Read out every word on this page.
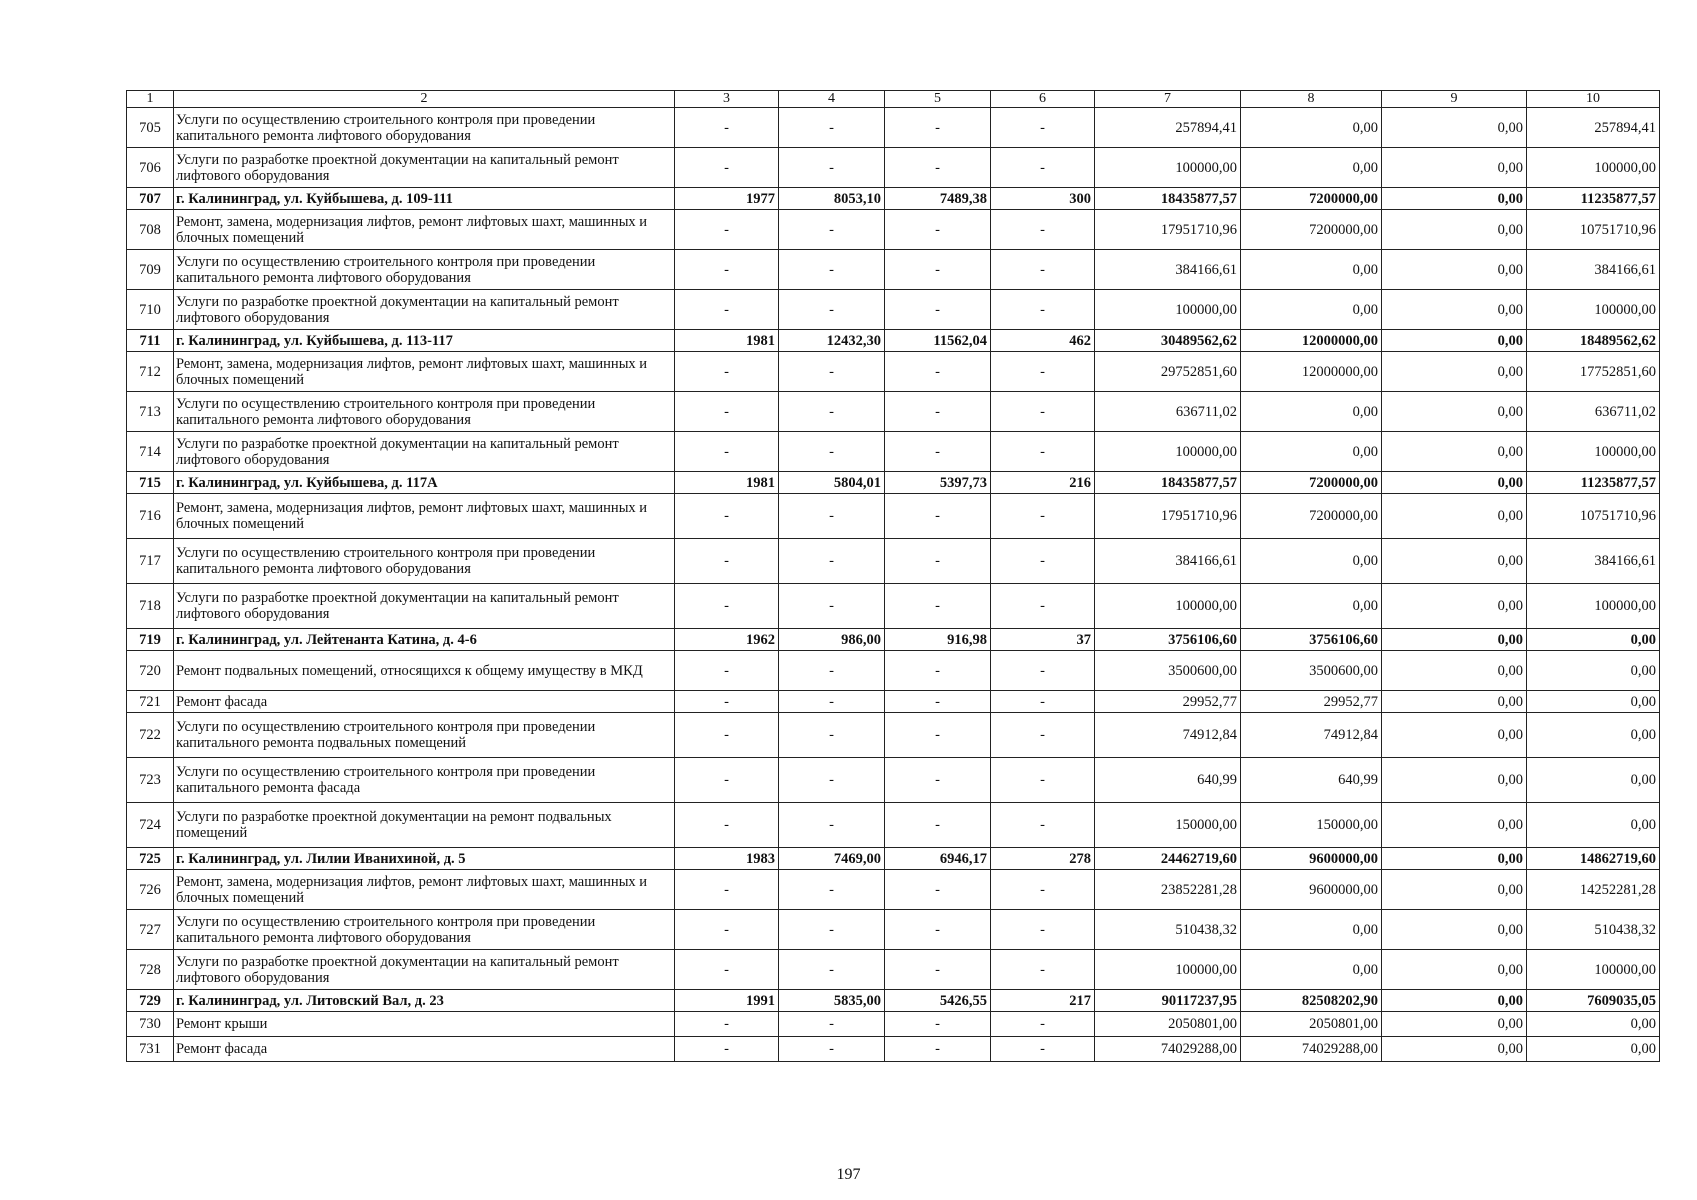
1	2	3	4	5	6	7	8	9	10
705	Услуги по осуществлению строительного контроля при проведении капитального ремонта лифтового оборудования	-	-	-	-	257894,41	0,00	0,00	257894,41
706	Услуги по разработке проектной документации на капитальный ремонт лифтового оборудования	-	-	-	-	100000,00	0,00	0,00	100000,00
707	г. Калининград, ул. Куйбышева, д. 109-111	1977	8053,10	7489,38	300	18435877,57	7200000,00	0,00	11235877,57
708	Ремонт, замена, модернизация лифтов, ремонт лифтовых шахт, машинных и блочных помещений	-	-	-	-	17951710,96	7200000,00	0,00	10751710,96
709	Услуги по осуществлению строительного контроля при проведении капитального ремонта лифтового оборудования	-	-	-	-	384166,61	0,00	0,00	384166,61
710	Услуги по разработке проектной документации на капитальный ремонт лифтового оборудования	-	-	-	-	100000,00	0,00	0,00	100000,00
711	г. Калининград, ул. Куйбышева, д. 113-117	1981	12432,30	11562,04	462	30489562,62	12000000,00	0,00	18489562,62
712	Ремонт, замена, модернизация лифтов, ремонт лифтовых шахт, машинных и блочных помещений	-	-	-	-	29752851,60	12000000,00	0,00	17752851,60
713	Услуги по осуществлению строительного контроля при проведении капитального ремонта лифтового оборудования	-	-	-	-	636711,02	0,00	0,00	636711,02
714	Услуги по разработке проектной документации на капитальный ремонт лифтового оборудования	-	-	-	-	100000,00	0,00	0,00	100000,00
715	г. Калининград, ул. Куйбышева, д. 117А	1981	5804,01	5397,73	216	18435877,57	7200000,00	0,00	11235877,57
716	Ремонт, замена, модернизация лифтов, ремонт лифтовых шахт, машинных и блочных помещений	-	-	-	-	17951710,96	7200000,00	0,00	10751710,96
717	Услуги по осуществлению строительного контроля при проведении капитального ремонта лифтового оборудования	-	-	-	-	384166,61	0,00	0,00	384166,61
718	Услуги по разработке проектной документации на капитальный ремонт лифтового оборудования	-	-	-	-	100000,00	0,00	0,00	100000,00
719	г. Калининград, ул. Лейтенанта Катина, д. 4-6	1962	986,00	916,98	37	3756106,60	3756106,60	0,00	0,00
720	Ремонт подвальных помещений, относящихся к общему имуществу в МКД	-	-	-	-	3500600,00	3500600,00	0,00	0,00
721	Ремонт фасада	-	-	-	-	29952,77	29952,77	0,00	0,00
722	Услуги по осуществлению строительного контроля при проведении капитального ремонта подвальных помещений	-	-	-	-	74912,84	74912,84	0,00	0,00
723	Услуги по осуществлению строительного контроля при проведении капитального ремонта фасада	-	-	-	-	640,99	640,99	0,00	0,00
724	Услуги по разработке проектной документации на ремонт подвальных помещений	-	-	-	-	150000,00	150000,00	0,00	0,00
725	г. Калининград, ул. Лилии Иванихиной, д. 5	1983	7469,00	6946,17	278	24462719,60	9600000,00	0,00	14862719,60
726	Ремонт, замена, модернизация лифтов, ремонт лифтовых шахт, машинных и блочных помещений	-	-	-	-	23852281,28	9600000,00	0,00	14252281,28
727	Услуги по осуществлению строительного контроля при проведении капитального ремонта лифтового оборудования	-	-	-	-	510438,32	0,00	0,00	510438,32
728	Услуги по разработке проектной документации на капитальный ремонт лифтового оборудования	-	-	-	-	100000,00	0,00	0,00	100000,00
729	г. Калининград, ул. Литовский Вал, д. 23	1991	5835,00	5426,55	217	90117237,95	82508202,90	0,00	7609035,05
730	Ремонт крыши	-	-	-	-	2050801,00	2050801,00	0,00	0,00
731	Ремонт фасада	-	-	-	-	74029288,00	74029288,00	0,00	0,00
197
